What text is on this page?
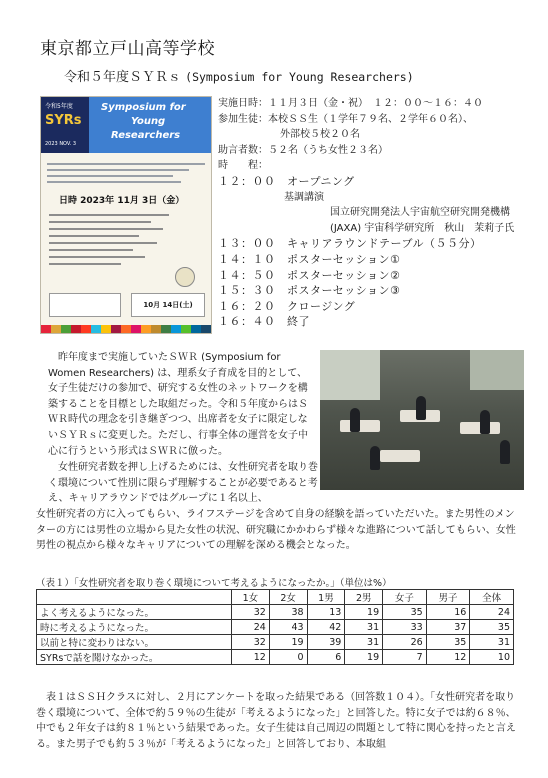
東京都立戸山高等学校
令和５年度ＳＹＲｓ (Symposium for Young Researchers)
令和5年度
SYRs
2023 NOV. 3
Symposium for
Young
Researchers
日時 2023年 11月 3日（金）
10月 14日(土)
実施日時：１１月３日（金・祝）　１２：００～１６：４０
参加生徒：本校ＳＳ生（１学年７９名、２学年６０名）、
外部校５校２０名
助言者数：５２名（うち女性２３名）
時　　程：
１２：００　オープニング
基調講演
国立研究開発法人宇宙航空研究開発機構
(JAXA) 宇宙科学研究所　秋山　茉莉子氏
１３：００　キャリアラウンドテーブル（５５分）
１４：１０　ポスターセッション①
１４：５０　ポスターセッション②
１５：３０　ポスターセッション③
１６：２０　クロージング
１６：４０　終了

　昨年度まで実施していたＳＷＲ (Symposium for Women Researchers) は、理系女子育成を目的として、女子生徒だけの参加で、研究する女性のネットワークを構築することを目標とした取組だった。令和５年度からはＳＷＲ時代の理念を引き継ぎつつ、出席者を女子に限定しないＳＹＲｓに変更した。ただし、行事全体の運営を女子中心に行うという形式はＳＷＲに倣った。

　女性研究者数を押し上げるためには、女性研究者を取り巻く環境について性別に限らず理解することが必要であると考え、キャリアラウンドではグループに１名以上、
女性研究者の方に入ってもらい、ライフステージを含めて自身の経験を語っていただいた。また男性のメンターの方には男性の立場から見た女性の状況、研究職にかかわらず様々な進路について話してもらい、女性男性の視点から様々なキャリアについての理解を深める機会となった。
（表１）「女性研究者を取り巻く環境について考えるようになったか。」（単位は%）
	1女	2女	1男	2男	女子	男子	全体
よく考えるようになった。	32	38	13	19	35	16	24
時に考えるようになった。	24	43	42	31	33	37	35
以前と特に変わりはない。	32	19	39	31	26	35	31
SYRsで話を聞けなかった。	12	0	6	19	7	12	10
　表１はＳＳＨクラスに対し、２月にアンケートを取った結果である（回答数１０４）。「女性研究者を取り巻く環境について、全体で約５９％の生徒が「考えるようになった」と回答した。特に女子では約６８％、中でも２年女子は約８１％という結果であった。女子生徒は自己周辺の問題として特に関心を持ったと言える。また男子でも約５３％が「考えるようになった」と回答しており、本取組
